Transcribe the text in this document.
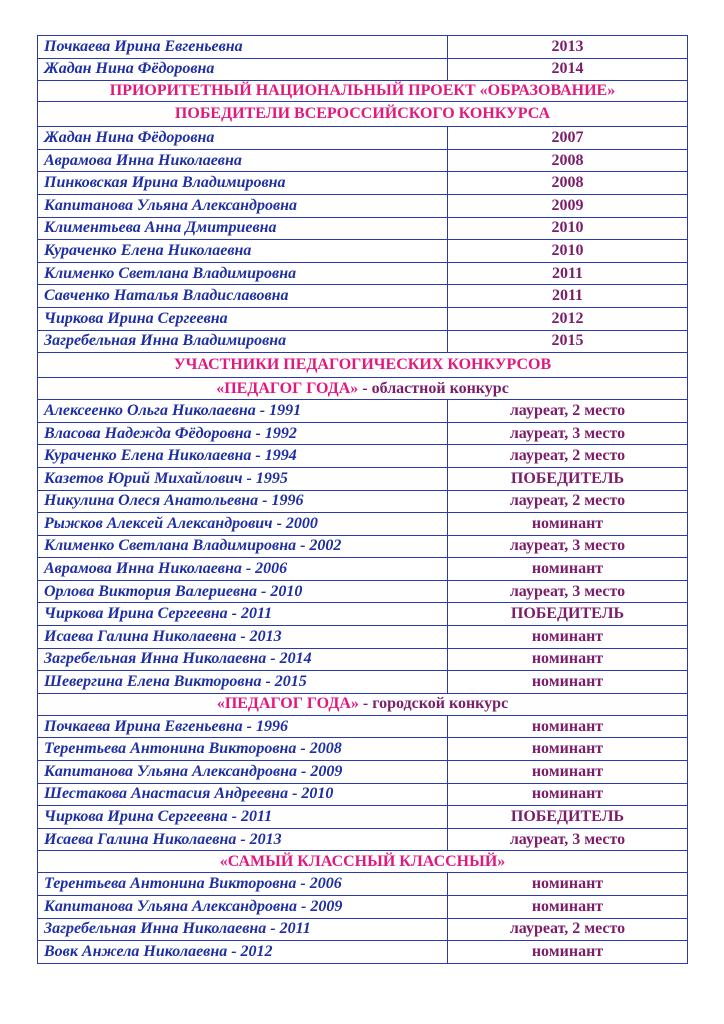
Почкаева Ирина Евгеньевна	2013
Жадан Нина Фёдоровна	2014
ПРИОРИТЕТНЫЙ НАЦИОНАЛЬНЫЙ ПРОЕКТ «ОБРАЗОВАНИЕ»	
ПОБЕДИТЕЛИ ВСЕРОССИЙСКОГО КОНКУРСА	
Жадан Нина Фёдоровна	2007
Аврамова Инна Николаевна	2008
Пинковская Ирина Владимировна	2008
Капитанова Ульяна Александровна	2009
Климентьева Анна Дмитриевна	2010
Кураченко Елена Николаевна	2010
Клименко Светлана Владимировна	2011
Савченко Наталья Владиславовна	2011
Чиркова Ирина Сергеевна	2012
Загребельная Инна Владимировна	2015
УЧАСТНИКИ ПЕДАГОГИЧЕСКИХ КОНКУРСОВ	
«ПЕДАГОГ ГОДА» - областной конкурс	
Алексеенко Ольга Николаевна - 1991	лауреат, 2 место
Власова Надежда Фёдоровна - 1992	лауреат, 3 место
Кураченко Елена Николаевна - 1994	лауреат, 2 место
Казетов Юрий Михайлович - 1995	ПОБЕДИТЕЛЬ
Никулина Олеся Анатольевна - 1996	лауреат, 2 место
Рыжков Алексей Александрович - 2000	номинант
Клименко Светлана Владимировна - 2002	лауреат, 3 место
Аврамова Инна Николаевна - 2006	номинант
Орлова Виктория Валериевна - 2010	лауреат, 3 место
Чиркова Ирина Сергеевна - 2011	ПОБЕДИТЕЛЬ
Исаева Галина Николаевна - 2013	номинант
Загребельная Инна Николаевна - 2014	номинант
Шевергина Елена Викторовна - 2015	номинант
«ПЕДАГОГ ГОДА» - городской конкурс	
Почкаева Ирина Евгеньевна - 1996	номинант
Терентьева Антонина Викторовна - 2008	номинант
Капитанова Ульяна Александровна - 2009	номинант
Шестакова Анастасия Андреевна - 2010	номинант
Чиркова Ирина Сергеевна - 2011	ПОБЕДИТЕЛЬ
Исаева Галина Николаевна - 2013	лауреат, 3 место
«САМЫЙ КЛАССНЫЙ КЛАССНЫЙ»	
Терентьева Антонина Викторовна - 2006	номинант
Капитанова Ульяна Александровна - 2009	номинант
Загребельная Инна Николаевна - 2011	лауреат, 2 место
Вовк Анжела Николаевна - 2012	номинант
